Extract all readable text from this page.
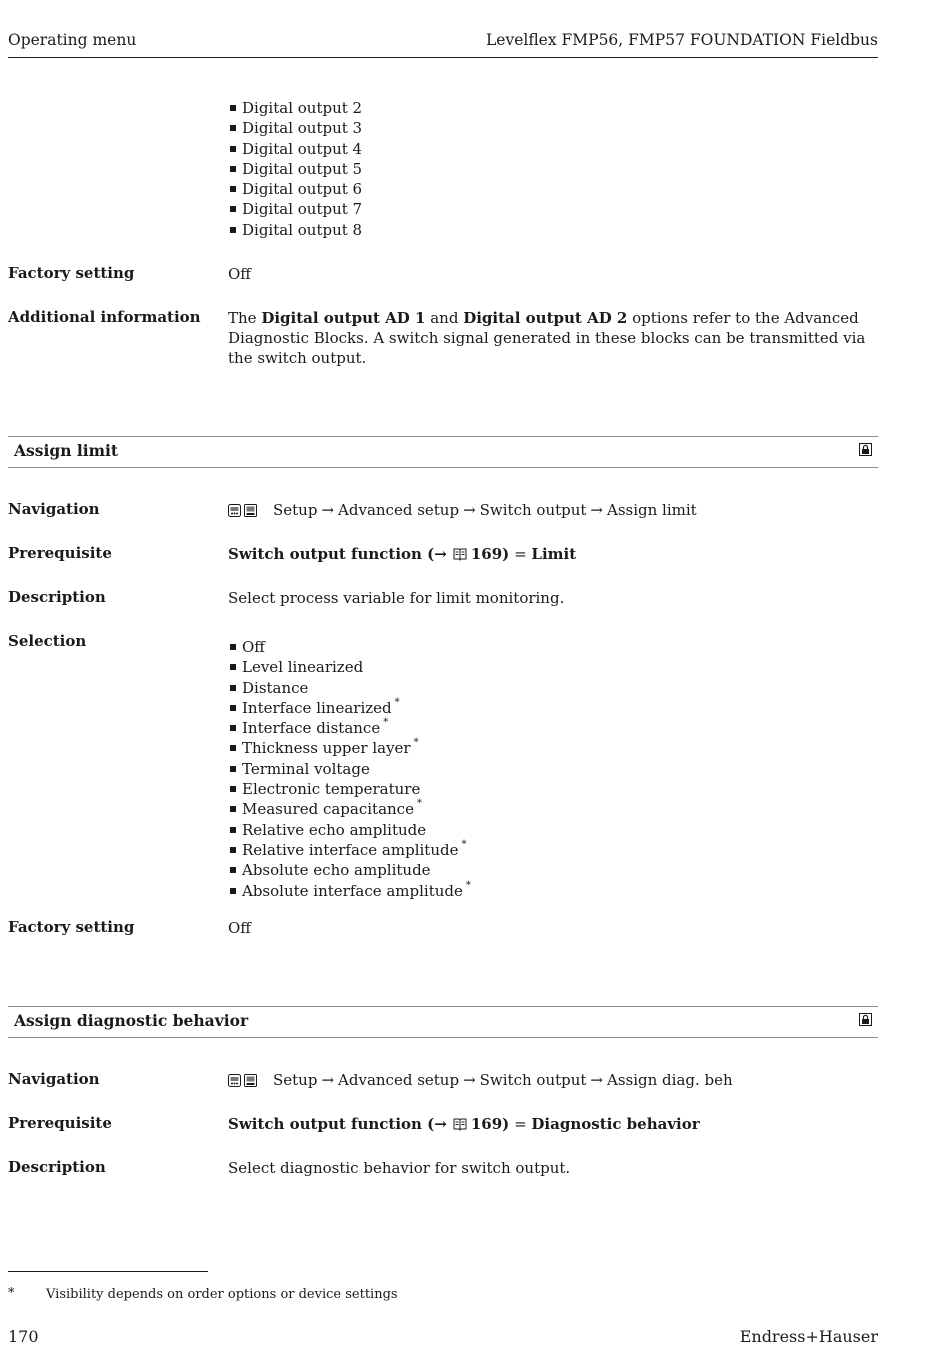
Operating menu	Levelflex FMP56, FMP57 FOUNDATION Fieldbus
Digital output 2
Digital output 3
Digital output 4
Digital output 5
Digital output 6
Digital output 7
Digital output 8
Factory setting	Off
Additional information The Digital output AD 1 and Digital output AD 2 options refer to the Advanced Diagnostic Blocks. A switch signal generated in these blocks can be transmitted via the switch output.
Assign limit
Navigation	Setup → Advanced setup → Switch output → Assign limit
Prerequisite	Switch output function (→ 169) = Limit
Description	Select process variable for limit monitoring.
Selection	Off
Level linearized
Distance
Interface linearized *
Interface distance *
Thickness upper layer *
Terminal voltage
Electronic temperature
Measured capacitance *
Relative echo amplitude
Relative interface amplitude *
Absolute echo amplitude
Absolute interface amplitude *
Factory setting	Off
Assign diagnostic behavior
Navigation	Setup → Advanced setup → Switch output → Assign diag. beh
Prerequisite	Switch output function (→ 169) = Diagnostic behavior
Description	Select diagnostic behavior for switch output.
* Visibility depends on order options or device settings
170	Endress+Hauser
